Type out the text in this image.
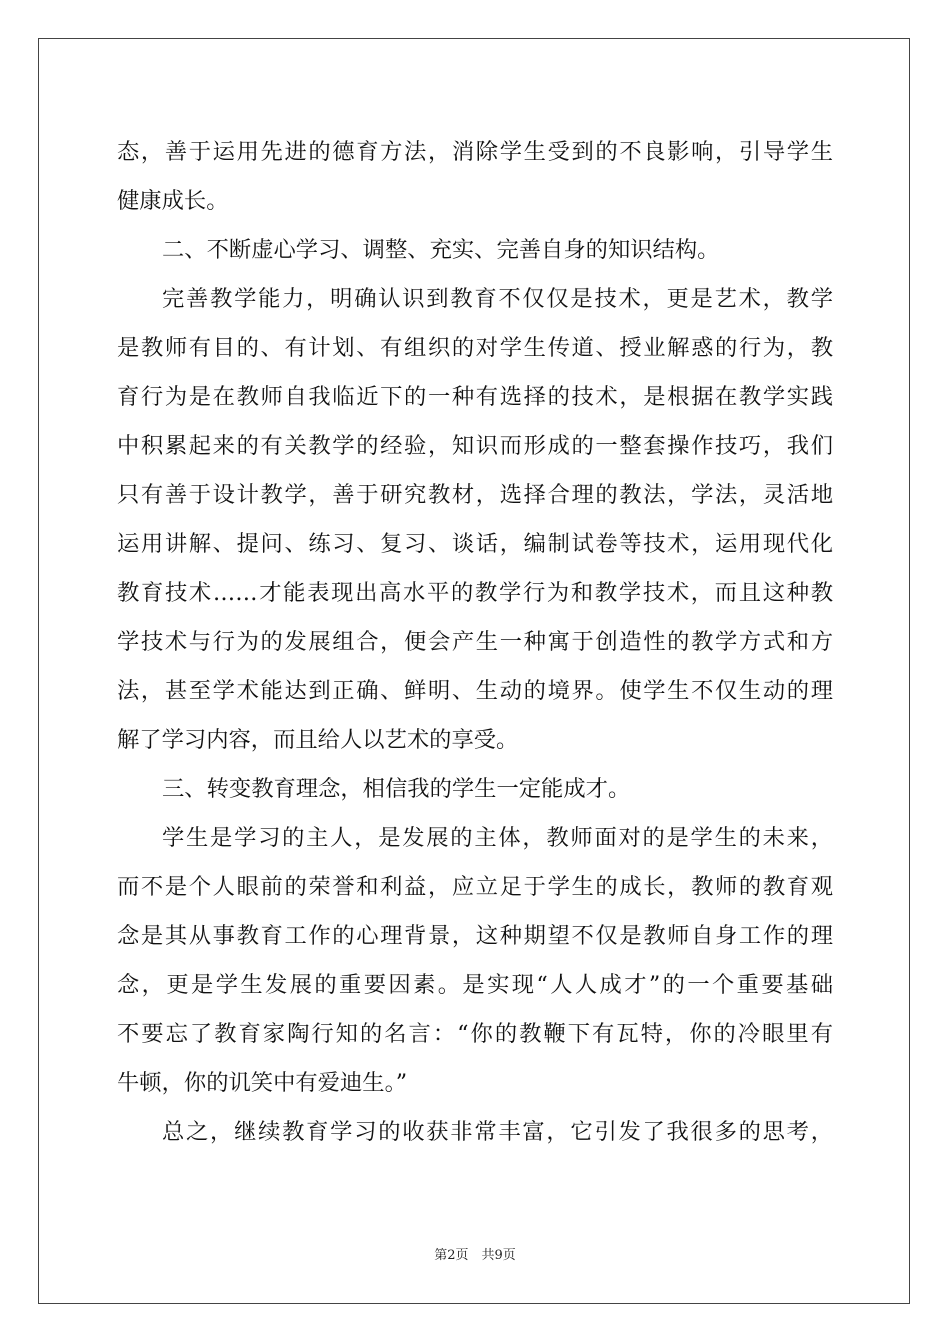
态，善于运用先进的德育方法，消除学生受到的不良影响，引导学生
健康成长。
二、不断虚心学习、调整、充实、完善自身的知识结构。
完善教学能力，明确认识到教育不仅仅是技术，更是艺术，教学
是教师有目的、有计划、有组织的对学生传道、授业解惑的行为，教
育行为是在教师自我临近下的一种有选择的技术，是根据在教学实践
中积累起来的有关教学的经验，知识而形成的一整套操作技巧，我们
只有善于设计教学，善于研究教材，选择合理的教法，学法，灵活地
运用讲解、提问、练习、复习、谈话，编制试卷等技术，运用现代化
教育技术……才能表现出高水平的教学行为和教学技术，而且这种教
学技术与行为的发展组合，便会产生一种寓于创造性的教学方式和方
法，甚至学术能达到正确、鲜明、生动的境界。使学生不仅生动的理
解了学习内容，而且给人以艺术的享受。
三、转变教育理念，相信我的学生一定能成才。
学生是学习的主人，是发展的主体，教师面对的是学生的未来，
而不是个人眼前的荣誉和利益，应立足于学生的成长，教师的教育观
念是其从事教育工作的心理背景，这种期望不仅是教师自身工作的理
念，更是学生发展的重要因素。是实现“人人成才”的一个重要基础
不要忘了教育家陶行知的名言：“你的教鞭下有瓦特，你的冷眼里有
牛顿，你的讥笑中有爱迪生。”
总之，继续教育学习的收获非常丰富，它引发了我很多的思考，
第2页　共9页
